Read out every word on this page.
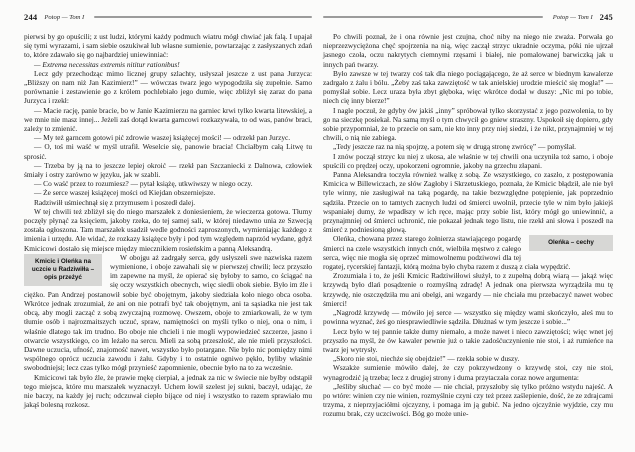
244 Potop — Tom I

pierwsi by go opuścili; z ust ludzi, którymi każdy podmuch wiatru mógł chwiać jak falą. I upajał się tymi wyrazami, i sam siebie oszukiwał lub własne sumienie, powtarzając z zasłyszanych zdań to, które zdawało się go najbardziej uniewinniać:

— Extrema necessitas extremis nititur rationibus!

Lecz gdy przechodząc mimo licznej grupy szlachty, usłyszał jeszcze z ust pana Jurzyca: „Bliższy on nam niż Jan Kazimierz!” — wówczas twarz jego wypogodziła się zupełnie. Samo porównanie i zestawienie go z królem pochlebiało jego dumie, więc zbliżył się zaraz do pana Jurzyca i rzekł:

— Macie rację, panie bracie, bo w Janie Kazimierzu na garniec krwi tylko kwarta litewskiej, a we mnie nie masz innej... Jeżeli zaś dotąd kwarta garncowi rozkazywała, to od was, panów braci, zależy to zmienić.

— My też garncem gotowi pić zdrowie waszej książęcej mości! — odrzekł pan Jurzyc.

— O, toś mi waść w myśl utrafił. Weselcie się, panowie bracia! Chciałbym całą Litwę tu sprosić.

— Trzeba by ją na to jeszcze lepiej okroić — rzekł pan Szczaniecki z Dalnowa, człowiek śmiały i ostry zarówno w języku, jak w szabli.

— Co waść przez to rozumiesz? — pytał książę, utkwiwszy w niego oczy.

— Że serce waszej książęcej mości od Kiejdan obszerniejsze.

Radziwiłł uśmiechnął się z przymusem i poszedł dalej.

W tej chwili też zbliżył się do niego marszałek z doniesieniem, że wieczerza gotowa. Tłumy poczęły płynąć za księciem, jakoby rzeka, do tej samej sali, w której niedawno unia ze Szwecją została ogłoszona. Tam marszałek usadził wedle godności zaproszonych, wymieniając każdego z imienia i urzędu. Ale widać, że rozkazy książęce były i pod tym względem naprzód wydane, gdyż Kmicicowi dostało się miejsce między miecznikiem rosieńskim a panną Aleksandrą.

Kmicic i Oleńka na uczcie u Radziwiłła – opis przeżyć
W obojgu aż zadrgały serca, gdy usłyszeli swe nazwiska razem wymienione, i oboje zawahali się w pierwszej chwili; lecz przyszło im zapewne na myśl, że opierać się byłoby to samo, co ściągać na się oczy wszystkich obecnych, więc siedli obok siebie. Było im źle i ciężko. Pan Andrzej postanowił sobie być obojętnym, jakoby siedziała koło niego obca osoba. Wkrótce jednak zrozumiał, że ani on nie potrafi być tak obojętnym, ani ta sąsiadka nie jest tak obcą, aby mogli zacząć z sobą zwyczajną rozmowę. Owszem, oboje to zmiarkowali, że w tym tłumie osób i najrozmaitszych uczuć, spraw, namiętności on myśli tylko o niej, ona o nim, i właśnie dlatego tak im trudno. Bo oboje nie chcieli i nie mogli wypowiedzieć szczerze, jasno i otwarcie wszystkiego, co im leżało na sercu. Mieli za sobą przeszłość, ale nie mieli przyszłości. Dawne uczucia, ufność, znajomość nawet, wszystko było potargane. Nie było nic pomiędzy nimi wspólnego oprócz uczucia zawodu i żalu. Gdyby i to ostatnie ogniwo pękło, byliby właśnie swobodniejsi; lecz czas tylko mógł przynieść zapomnienie, obecnie było na to za wcześnie.

Kmicicowi tak było źle, że prawie mękę cierpiał, a jednak za nic w świecie nie byłby odstąpił tego miejsca, które mu marszałek wyznaczył. Uchem łowił szelest jej sukni, baczył, udając, że nie baczy, na każdy jej ruch; odczuwał ciepło bijące od niej i wszystko to razem sprawiało mu jakąś bolesną rozkosz.

Potop — Tom I 245

Po chwili poznał, że i ona równie jest czujna, choć niby na niego nie zważa. Porwała go nieprzezwyciężona chęć spojrzenia na nią, więc zaczął strzyc ukradnie oczyma, póki nie ujrzał jasnego czoła, oczu nakrytych ciemnymi rzęsami i białej, nie pomalowanej barwiczką jak u innych pań twarzy.

Było zawsze w tej twarzy coś tak dla niego pociągającego, że aż serce w biednym kawalerze zadrgało z żalu i bólu. „Żeby zaś taka zawziętość w tak anielskiej urodzie mieścić się mogła!” — pomyślał sobie. Lecz uraza była zbyt głęboka, więc wkrótce dodał w duszy: „Nic mi po tobie, niech cię inny bierze!”

I nagle poczuł, że gdyby ów jakiś „inny” spróbował tylko skorzystać z jego pozwolenia, to by go na sieczkę posiekał. Na samą myśl o tym chwycił go gniew straszny. Uspokoił się dopiero, gdy sobie przypomniał, że to przecie on sam, nie kto inny przy niej siedzi, i że nikt, przynajmniej w tej chwili, o nią nie zabiega.

„Tedy jeszcze raz na nią spojrzę, a potem się w drugą stronę zwrócę” — pomyślał.

I znów począł strzyc ku niej z ukosa, ale właśnie w tej chwili ona uczyniła toż samo, i oboje spuścili co prędzej oczy, upokorzeni ogromnie, jakoby na grzechu złapani.

Panna Aleksandra toczyła również walkę z sobą. Ze wszystkiego, co zaszło, z postępowania Kmicica w Billewiczach, ze słów Zagłoby i Skrzetuskiego, poznała, że Kmicic błądził, ale nie był tyle winny, nie zasługiwał na taką pogardę, na takie bezwzględne potępienie, jak poprzednio sądziła. Przecie on to tamtych zacnych ludzi od śmierci uwolnił, przecie tyle w nim było jakiejś wspaniałej dumy, że wpadłszy w ich ręce, mając przy sobie list, który mógł go uniewinnić, a przynajmniej od śmierci uchronić, nie pokazał jednak tego listu, nie rzekł ani słowa i poszedł na śmierć z podniesioną głową.

Oleńka – cechy
Oleńka, chowana przez starego żołnierza stawiającego pogardę śmierci na czele wszystkich innych cnót, wielbiła męstwo z całego serca, więc nie mogła się oprzeć mimowolnemu podziwowi dla tej rogatej, rycerskiej fantazji, którą można było chyba razem z duszą z ciała wypędzić.

Zrozumiała i to, że jeśli Kmicic Radziwiłłowi służył, to z zupełną dobrą wiarą — jakąż więc krzywdą było dlań posądzenie o rozmyślną zdradę! A jednak ona pierwsza wyrządziła mu tę krzywdę, nie oszczędziła mu ani obelgi, ani wzgardy — nie chciała mu przebaczyć nawet wobec śmierci!

„Nagrodź krzywdę — mówiło jej serce — wszystko się między wami skończyło, aleś mu to powinna wyznać, żeś go niesprawiedliwie sądziła. Dłużnaś w tym jeszcze i sobie...”

Lecz było w tej pannie także dumy niemało, a może nawet i nieco zawziętości; więc wnet jej przyszło na myśl, że ów kawaler pewnie już o takie zadośćuczynienie nie stoi, i aż rumieńce na twarz jej wytrysły.

„Skoro nie stoi, niechże się obejdzie!” — rzekła sobie w duszy.

Wszakże sumienie mówiło dalej, że czy pokrzywdzony o krzywdę stoi, czy nie stoi, wynagrodzić ją trzeba; lecz z drugiej strony i duma przytaczała coraz nowe argumenta:

„Jeśliby słuchać — co być może — nie chciał, przyszłoby się tylko próżno wstydu najeść. A po wtóre: winien czy nie winien, rozmyślnie czyni czy też przez zaślepienie, dość, że ze zdrajcami trzyma, z nieprzyjaciółmi ojczyzny, i pomaga im ją gubić. Na jedno ojczyźnie wyjdzie, czy mu rozumu brak, czy uczciwości. Bóg go może unie-
